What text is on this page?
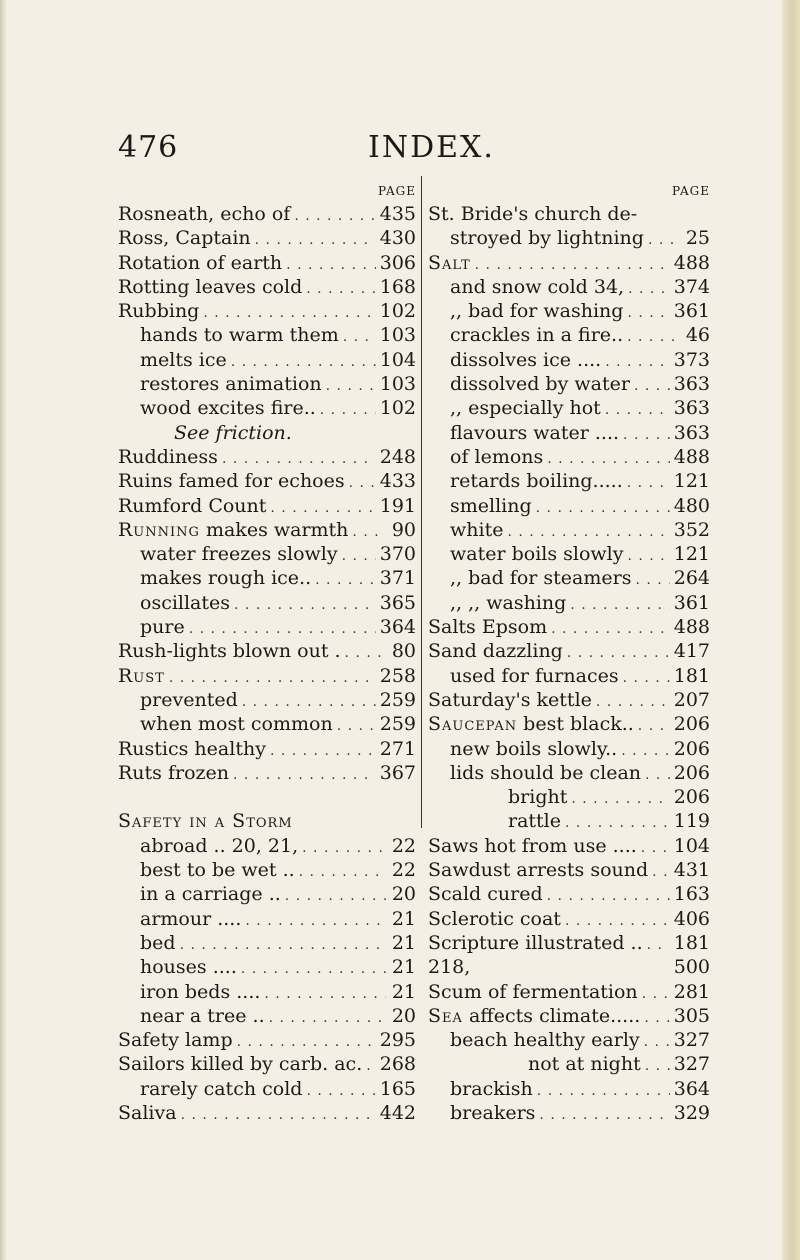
476	INDEX.
PAGE
Rosneath, echo of . . .	435
Ross, Captain . . .	430
Rotation of earth . . .	306
Rotting leaves cold . . .	168
Rubbing . . .	102
hands to warm them . . . 103
melts ice . . .	104
restores animation . . .	103
wood excites fire.. . . .	102
See friction.
Ruddiness . . .	248
Ruins famed for echoes . . . 433
Rumford Count . . .	191
Running makes warmth . . . 90
water freezes slowly . . . 370
makes rough ice.. . . .	371
oscillates . . .	365
pure . . .	364
Rush-lights blown out . . . .	80
Rust . . .	258
prevented . . .	259
when most common . . . 259
Rustics healthy . . .	271
Ruts frozen . . .	367
Safety in a Storm
abroad .. 20, 21, . . .	22
best to be wet .. . . .	22
in a carriage .. . . .	20
armour .... . . .	21
bed . . .	21
houses .... . . .	21
iron beds .... . . .	21
near a tree .. . . .	20
Safety lamp . . .	295
Sailors killed by carb. ac. . . . 268
rarely catch cold . . .	165
Saliva . . .	442
PAGE
St. Bride's church de-
stroyed by lightning . . . 25
Salt . . .	488
and snow cold 34, . . .	374
,, bad for washing . . .	361
crackles in a fire.. . . .	46
dissolves ice .... . . .	373
dissolved by water . . . 363
,, especially hot . . .	363
flavours water .... . . .	363
of lemons . . .	488
retards boiling..... . . .	121
smelling . . .	480
white . . .	352
water boils slowly . . .	121
,, bad for steamers . . . 264
,, ,, washing . . .	361
Salts Epsom . . .	488
Sand dazzling . . .	417
used for furnaces . . .	181
Saturday's kettle . . .	207
Saucepan best black.. . . . 206
new boils slowly.. . . .	206
lids should be clean . . . 206
bright . . .	206
rattle . . .	119
Saws hot from use .... . . . 104
Sawdust arrests sound . . . 431
Scald cured . . .	163
Sclerotic coat . . .	406
Scripture illustrated .. . . . 181
218,	500
Scum of fermentation . . . 281
Sea affects climate..... . . . 305
beach healthy early . . . 327
not at night . . . 327
brackish . . .	364
breakers . . .	329
